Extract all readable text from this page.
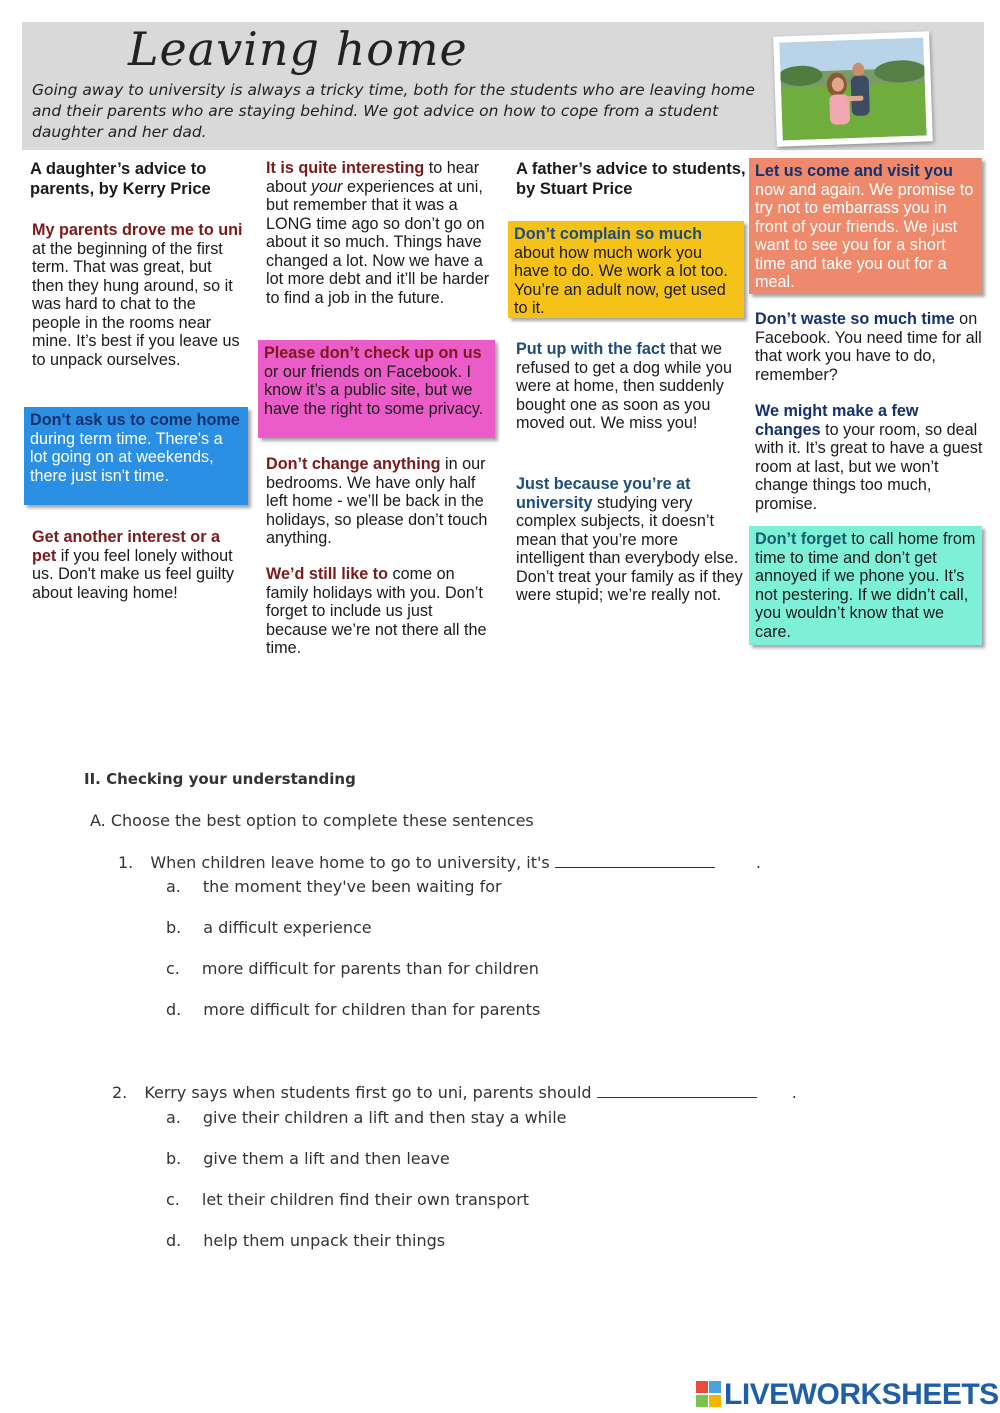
Leaving home
Going away to university is always a tricky time, both for the students who are leaving home and their parents who are staying behind. We got advice on how to cope from a student daughter and her dad.
A daughter’s advice to parents, by Kerry Price
My parents drove me to uni at the beginning of the first term. That was great, but then they hung around, so it was hard to chat to the people in the rooms near mine. It’s best if you leave us to unpack ourselves.
Don't ask us to come home during term time. There's a lot going on at weekends, there just isn't time.
Get another interest or a pet if you feel lonely without us. Don't make us feel guilty about leaving home!
It is quite interesting to hear about your experiences at uni, but remember that it was a LONG time ago so don’t go on about it so much. Things have changed a lot. Now we have a lot more debt and it’ll be harder to find a job in the future.
Please don’t check up on us or our friends on Facebook. I know it’s a public site, but we have the right to some privacy.
Don’t change anything in our bedrooms. We have only half left home - we’ll be back in the holidays, so please don’t touch anything.
We’d still like to come on family holidays with you. Don’t forget to include us just because we’re not there all the time.
A father’s advice to students, by Stuart Price
Don’t complain so much about how much work you have to do. We work a lot too. You’re an adult now, get used to it.
Put up with the fact that we refused to get a dog while you were at home, then suddenly bought one as soon as you moved out. We miss you!
Just because you’re at university studying very complex subjects, it doesn’t mean that you’re more intelligent than everybody else. Don’t treat your family as if they were stupid; we’re really not.
Let us come and visit you now and again. We promise to try not to embarrass you in front of your friends. We just want to see you for a short time and take you out for a meal.
Don’t waste so much time on Facebook. You need time for all that work you have to do, remember?
We might make a few changes to your room, so deal with it. It’s great to have a guest room at last, but we won’t change things too much, promise.
Don’t forget to call home from time to time and don’t get annoyed if we phone you. It’s not pestering. If we didn’t call, you wouldn’t know that we care.
II. Checking your understanding
A. Choose the best option to complete these sentences
1. When children leave home to go to university, it's	.
a. the moment they've been waiting for
b. a difficult experience
c. more difficult for parents than for children
d. more difficult for children than for parents
2. Kerry says when students first go to uni, parents should	.
a. give their children a lift and then stay a while
b. give them a lift and then leave
c. let their children find their own transport
d. help them unpack their things
LIVEWORKSHEETS
